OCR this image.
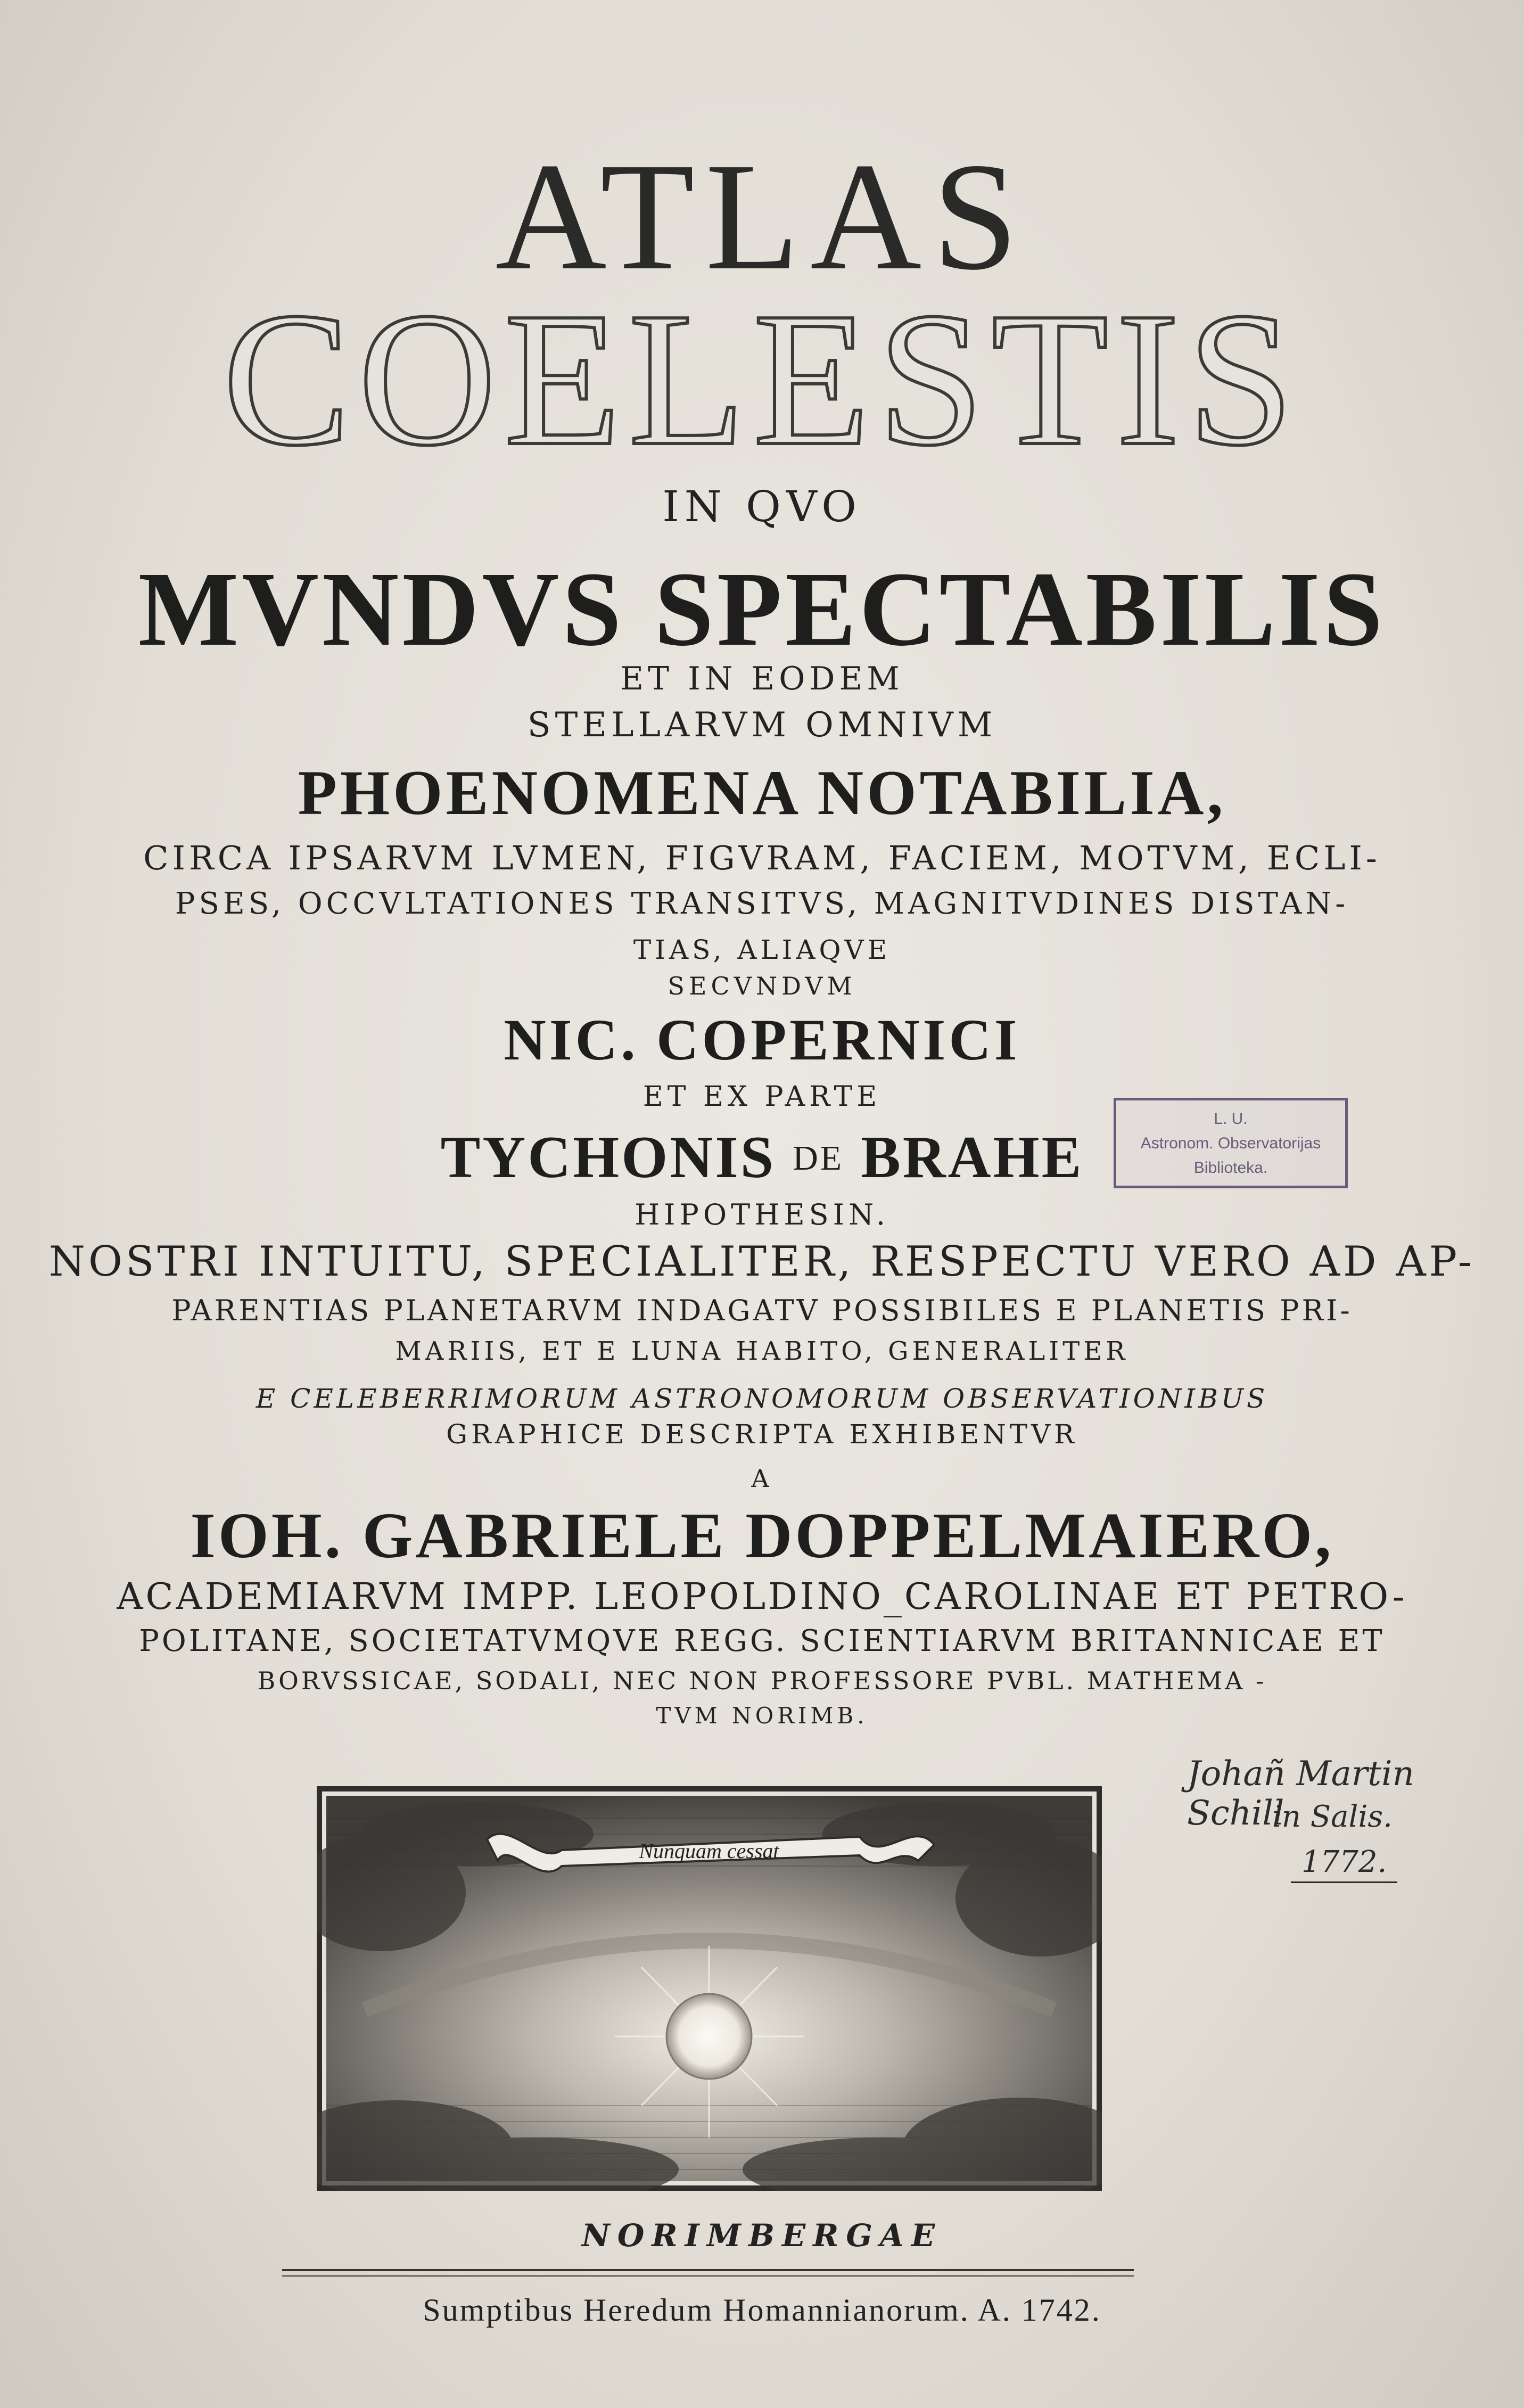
ATLAS
COELESTIS
IN QVO
MVNDVS SPECTABILIS
ET IN EODEM
STELLARVM OMNIVM
PHOENOMENA NOTABILIA,
CIRCA IPSARVM LVMEN, FIGVRAM, FACIEM, MOTVM, ECLI-
PSES, OCCVLTATIONES TRANSITVS, MAGNITVDINES DISTAN-
TIAS, ALIAQVE
SECVNDVM
NIC. COPERNICI
ET EX PARTE
TYCHONIS DE BRAHE
HIPOTHESIN.
NOSTRI INTUITU, SPECIALITER, RESPECTU VERO AD AP-
PARENTIAS PLANETARVM INDAGATV POSSIBILES E PLANETIS PRI-
MARIIS, ET E LUNA HABITO, GENERALITER
E CELEBERRIMORUM ASTRONOMORUM OBSERVATIONIBUS
GRAPHICE DESCRIPTA EXHIBENTVR
A
IOH. GABRIELE DOPPELMAIERO,
ACADEMIARVM IMPP. LEOPOLDINO_CAROLINAE ET PETRO-
POLITANE, SOCIETATVMQVE REGG. SCIENTIARVM BRITANNICAE ET
BORVSSICAE, SODALI, NEC NON PROFESSORE PVBL. MATHEMA -
TVM NORIMB.
L. U.
Astronom. Observatorijas
Biblioteka.
Johañ Martin Schill
in Salis.
1772.
Nunquam cessat
NORIMBERGAE
Sumptibus Heredum Homannianorum. A. 1742.
